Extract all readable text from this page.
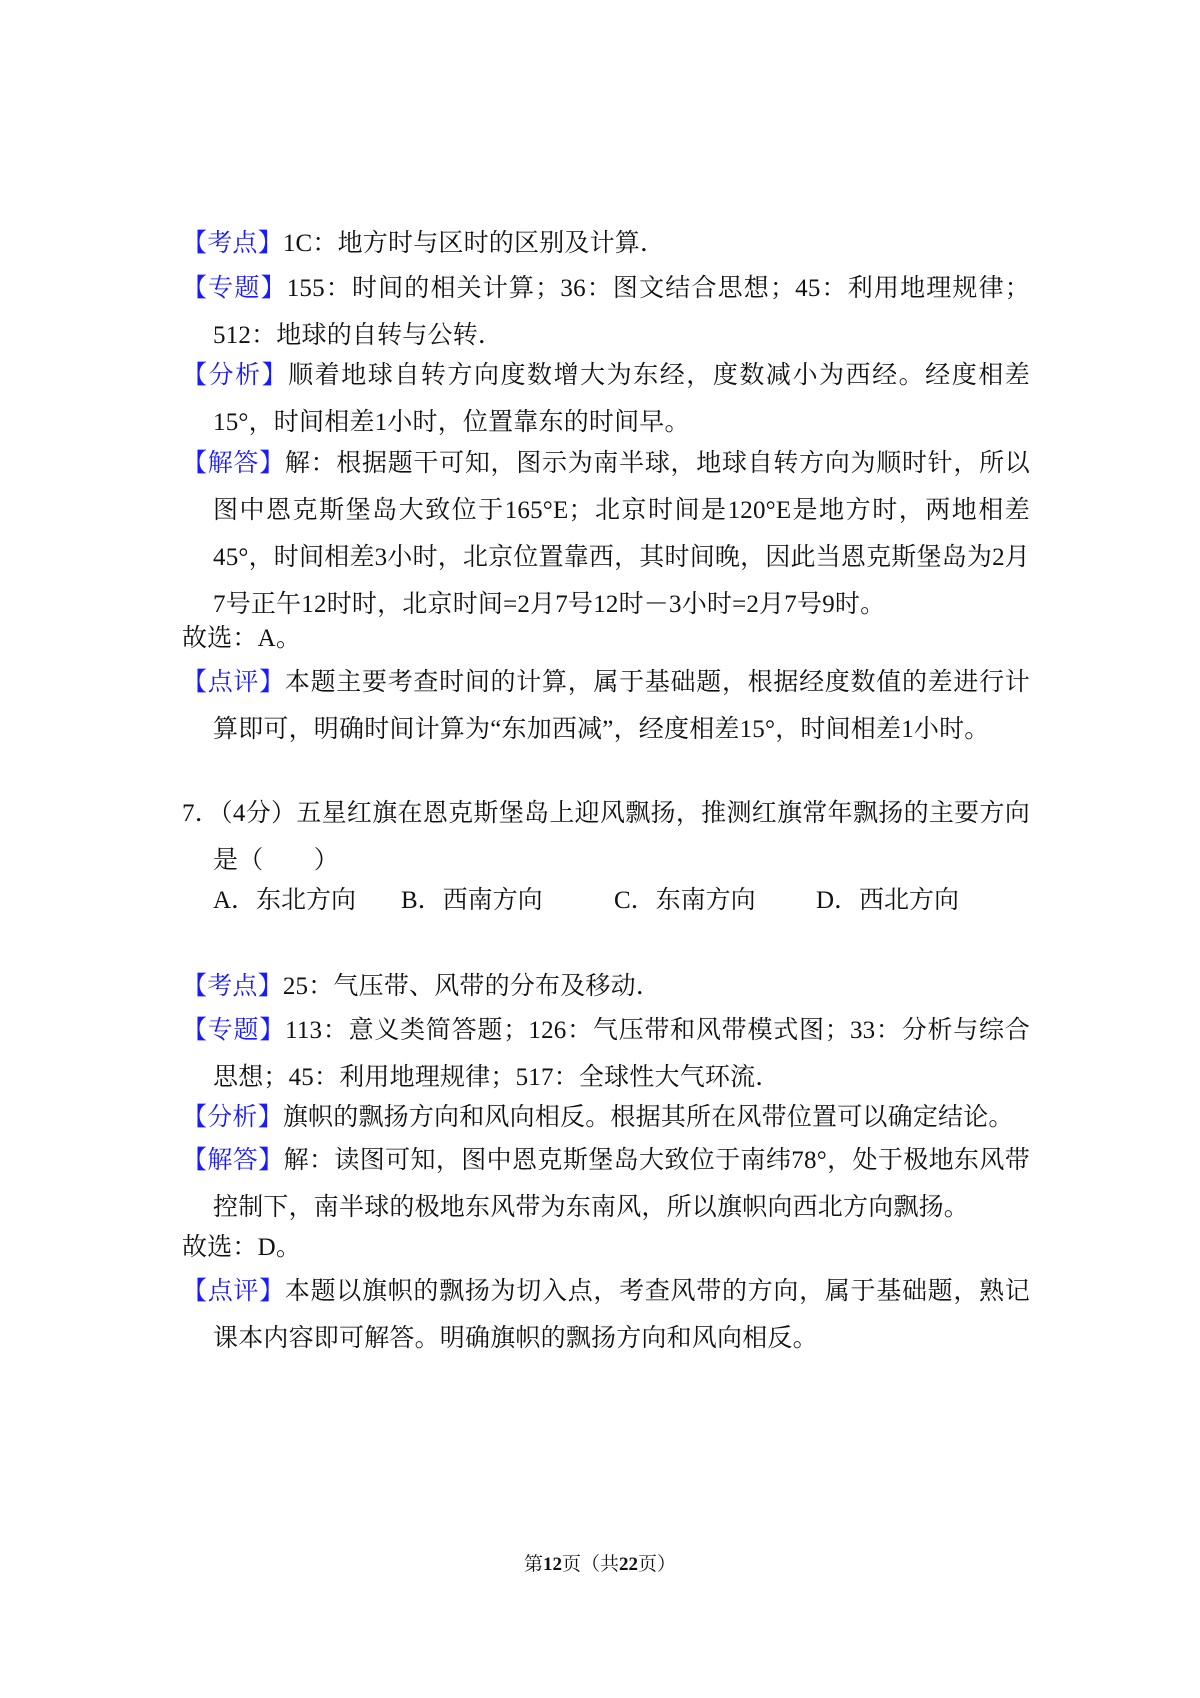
【考点】1C：地方时与区时的区别及计算．
【专题】155：时间的相关计算；36：图文结合思想；45：利用地理规律；512：地球的自转与公转．
【分析】顺着地球自转方向度数增大为东经，度数减小为西经。经度相差15°，时间相差1小时，位置靠东的时间早。
【解答】解：根据题干可知，图示为南半球，地球自转方向为顺时针，所以图中恩克斯堡岛大致位于165°E；北京时间是120°E是地方时，两地相差45°，时间相差3小时，北京位置靠西，其时间晚，因此当恩克斯堡岛为2月7号正午12时时，北京时间=2月7号12时－3小时=2月7号9时。
故选：A。
【点评】本题主要考查时间的计算，属于基础题，根据经度数值的差进行计算即可，明确时间计算为“东加西减”，经度相差15°，时间相差1小时。
7．（4分）五星红旗在恩克斯堡岛上迎风飘扬，推测红旗常年飘扬的主要方向是（　　）
A．东北方向	B．西南方向	C．东南方向	D．西北方向
【考点】25：气压带、风带的分布及移动．
【专题】113：意义类简答题；126：气压带和风带模式图；33：分析与综合思想；45：利用地理规律；517：全球性大气环流．
【分析】旗帜的飘扬方向和风向相反。根据其所在风带位置可以确定结论。
【解答】解：读图可知，图中恩克斯堡岛大致位于南纬78°，处于极地东风带控制下，南半球的极地东风带为东南风，所以旗帜向西北方向飘扬。
故选：D。
【点评】本题以旗帜的飘扬为切入点，考查风带的方向，属于基础题，熟记课本内容即可解答。明确旗帜的飘扬方向和风向相反。
第12页（共22页）
